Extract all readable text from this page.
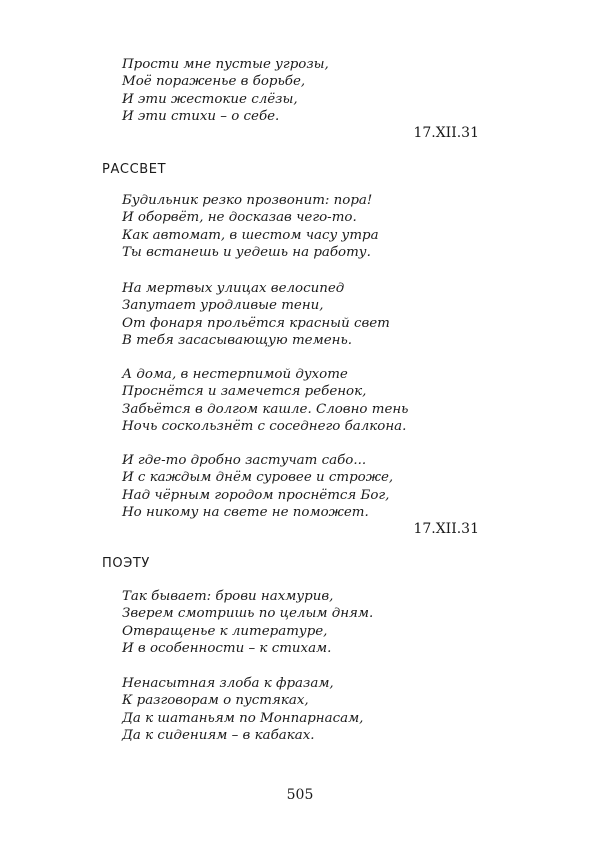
Прости мне пустые угрозы,
Моё пораженье в борьбе,
И эти жестокие слёзы,
И эти стихи – о себе.
17.XII.31
РАССВЕТ
Будильник резко прозвонит: пора!
И оборвёт, не досказав чего-то.
Как автомат, в шестом часу утра
Ты встанешь и уедешь на работу.
На мертвых улицах велосипед
Запутает уродливые тени,
От фонаря прольётся красный свет
В тебя засасывающую темень.
А дома, в нестерпимой духоте
Проснётся и замечется ребенок,
Забьётся в долгом кашле. Словно тень
Ночь соскользнёт с соседнего балкона.
И где-то дробно застучат сабо...
И с каждым днём суровее и строже,
Над чёрным городом проснётся Бог,
Но никому на свете не поможет.
17.XII.31
ПОЭТУ
Так бывает: брови нахмурив,
Зверем смотришь по целым дням.
Отвращенье к литературе,
И в особенности – к стихам.
Ненасытная злоба к фразам,
К разговорам о пустяках,
Да к шатаньям по Монпарнасам,
Да к сидениям – в кабаках.
505
